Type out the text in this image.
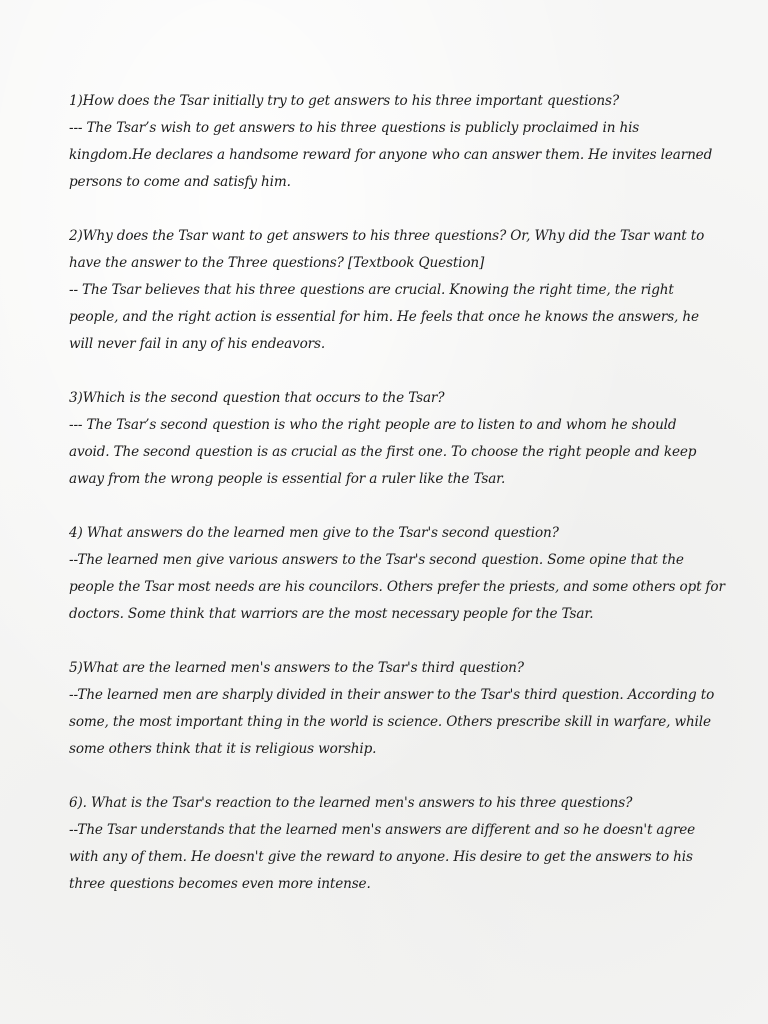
1)How does the Tsar initially try to get answers to his three important questions?
--- The Tsar’s wish to get answers to his three questions is publicly proclaimed in his
kingdom.He declares a handsome reward for anyone who can answer them. He invites learned
persons to come and satisfy him.
2)Why does the Tsar want to get answers to his three questions? Or, Why did the Tsar want to
have the answer to the Three questions? [Textbook Question]
-- The Tsar believes that his three questions are crucial. Knowing the right time, the right
people, and the right action is essential for him. He feels that once he knows the answers, he
will never fail in any of his endeavors.
3)Which is the second question that occurs to the Tsar?
--- The Tsar’s second question is who the right people are to listen to and whom he should
avoid. The second question is as crucial as the first one. To choose the right people and keep
away from the wrong people is essential for a ruler like the Tsar.
4) What answers do the learned men give to the Tsar's second question?
--The learned men give various answers to the Tsar's second question. Some opine that the
people the Tsar most needs are his councilors. Others prefer the priests, and some others opt for
doctors. Some think that warriors are the most necessary people for the Tsar.
5)What are the learned men's answers to the Tsar's third question?
--The learned men are sharply divided in their answer to the Tsar's third question. According to
some, the most important thing in the world is science. Others prescribe skill in warfare, while
some others think that it is religious worship.
6). What is the Tsar's reaction to the learned men's answers to his three questions?
--The Tsar understands that the learned men's answers are different and so he doesn't agree
with any of them. He doesn't give the reward to anyone. His desire to get the answers to his
three questions becomes even more intense.
